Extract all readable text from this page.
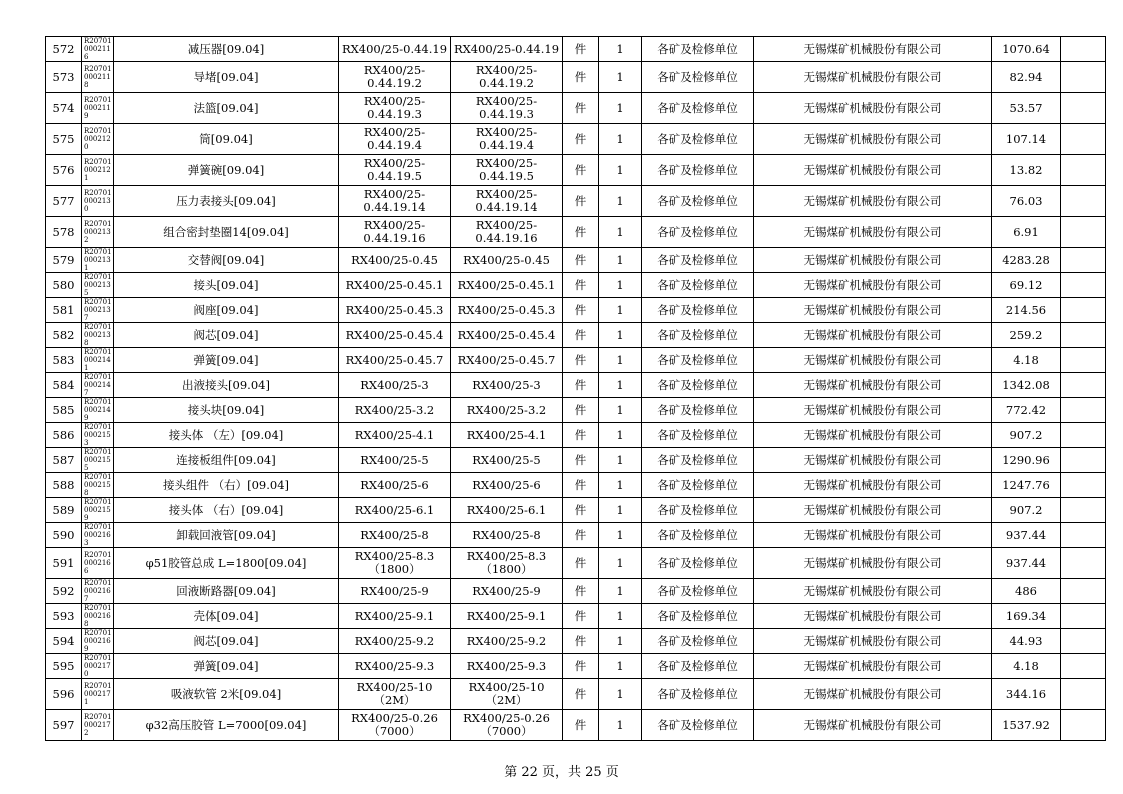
572	R207010002116	减压器[09.04]	RX400/25-0.44.19	RX400/25-0.44.19	件	1	各矿及检修单位	无锡煤矿机械股份有限公司	1070.64	
573	R207010002118	导堵[09.04]	RX400/25-
0.44.19.2	RX400/25-
0.44.19.2	件	1	各矿及检修单位	无锡煤矿机械股份有限公司	82.94	
574	R207010002119	法篮[09.04]	RX400/25-
0.44.19.3	RX400/25-
0.44.19.3	件	1	各矿及检修单位	无锡煤矿机械股份有限公司	53.57	
575	R207010002120	筒[09.04]	RX400/25-
0.44.19.4	RX400/25-
0.44.19.4	件	1	各矿及检修单位	无锡煤矿机械股份有限公司	107.14	
576	R207010002121	弹簧碗[09.04]	RX400/25-
0.44.19.5	RX400/25-
0.44.19.5	件	1	各矿及检修单位	无锡煤矿机械股份有限公司	13.82	
577	R207010002130	压力表接头[09.04]	RX400/25-
0.44.19.14	RX400/25-
0.44.19.14	件	1	各矿及检修单位	无锡煤矿机械股份有限公司	76.03	
578	R207010002132	组合密封垫圈14[09.04]	RX400/25-
0.44.19.16	RX400/25-
0.44.19.16	件	1	各矿及检修单位	无锡煤矿机械股份有限公司	6.91	
579	R207010002131	交替阀[09.04]	RX400/25-0.45	RX400/25-0.45	件	1	各矿及检修单位	无锡煤矿机械股份有限公司	4283.28	
580	R207010002135	接头[09.04]	RX400/25-0.45.1	RX400/25-0.45.1	件	1	各矿及检修单位	无锡煤矿机械股份有限公司	69.12	
581	R207010002137	阀座[09.04]	RX400/25-0.45.3	RX400/25-0.45.3	件	1	各矿及检修单位	无锡煤矿机械股份有限公司	214.56	
582	R207010002138	阀芯[09.04]	RX400/25-0.45.4	RX400/25-0.45.4	件	1	各矿及检修单位	无锡煤矿机械股份有限公司	259.2	
583	R207010002141	弹簧[09.04]	RX400/25-0.45.7	RX400/25-0.45.7	件	1	各矿及检修单位	无锡煤矿机械股份有限公司	4.18	
584	R207010002147	出液接头[09.04]	RX400/25-3	RX400/25-3	件	1	各矿及检修单位	无锡煤矿机械股份有限公司	1342.08	
585	R207010002149	接头块[09.04]	RX400/25-3.2	RX400/25-3.2	件	1	各矿及检修单位	无锡煤矿机械股份有限公司	772.42	
586	R207010002153	接头体 （左）[09.04]	RX400/25-4.1	RX400/25-4.1	件	1	各矿及检修单位	无锡煤矿机械股份有限公司	907.2	
587	R207010002155	连接板组件[09.04]	RX400/25-5	RX400/25-5	件	1	各矿及检修单位	无锡煤矿机械股份有限公司	1290.96	
588	R207010002158	接头组件 （右）[09.04]	RX400/25-6	RX400/25-6	件	1	各矿及检修单位	无锡煤矿机械股份有限公司	1247.76	
589	R207010002159	接头体 （右）[09.04]	RX400/25-6.1	RX400/25-6.1	件	1	各矿及检修单位	无锡煤矿机械股份有限公司	907.2	
590	R207010002163	卸载回液管[09.04]	RX400/25-8	RX400/25-8	件	1	各矿及检修单位	无锡煤矿机械股份有限公司	937.44	
591	R207010002166	φ51胶管总成 L=1800[09.04]	RX400/25-8.3
（1800）	RX400/25-8.3
（1800）	件	1	各矿及检修单位	无锡煤矿机械股份有限公司	937.44	
592	R207010002167	回液断路器[09.04]	RX400/25-9	RX400/25-9	件	1	各矿及检修单位	无锡煤矿机械股份有限公司	486	
593	R207010002168	壳体[09.04]	RX400/25-9.1	RX400/25-9.1	件	1	各矿及检修单位	无锡煤矿机械股份有限公司	169.34	
594	R207010002169	阀芯[09.04]	RX400/25-9.2	RX400/25-9.2	件	1	各矿及检修单位	无锡煤矿机械股份有限公司	44.93	
595	R207010002170	弹簧[09.04]	RX400/25-9.3	RX400/25-9.3	件	1	各矿及检修单位	无锡煤矿机械股份有限公司	4.18	
596	R207010002171	吸液软管 2米[09.04]	RX400/25-10
（2M）	RX400/25-10
（2M）	件	1	各矿及检修单位	无锡煤矿机械股份有限公司	344.16	
597	R207010002172	φ32高压胶管 L=7000[09.04]	RX400/25-0.26
（7000）	RX400/25-0.26
（7000）	件	1	各矿及检修单位	无锡煤矿机械股份有限公司	1537.92	
第 22 页，共 25 页
